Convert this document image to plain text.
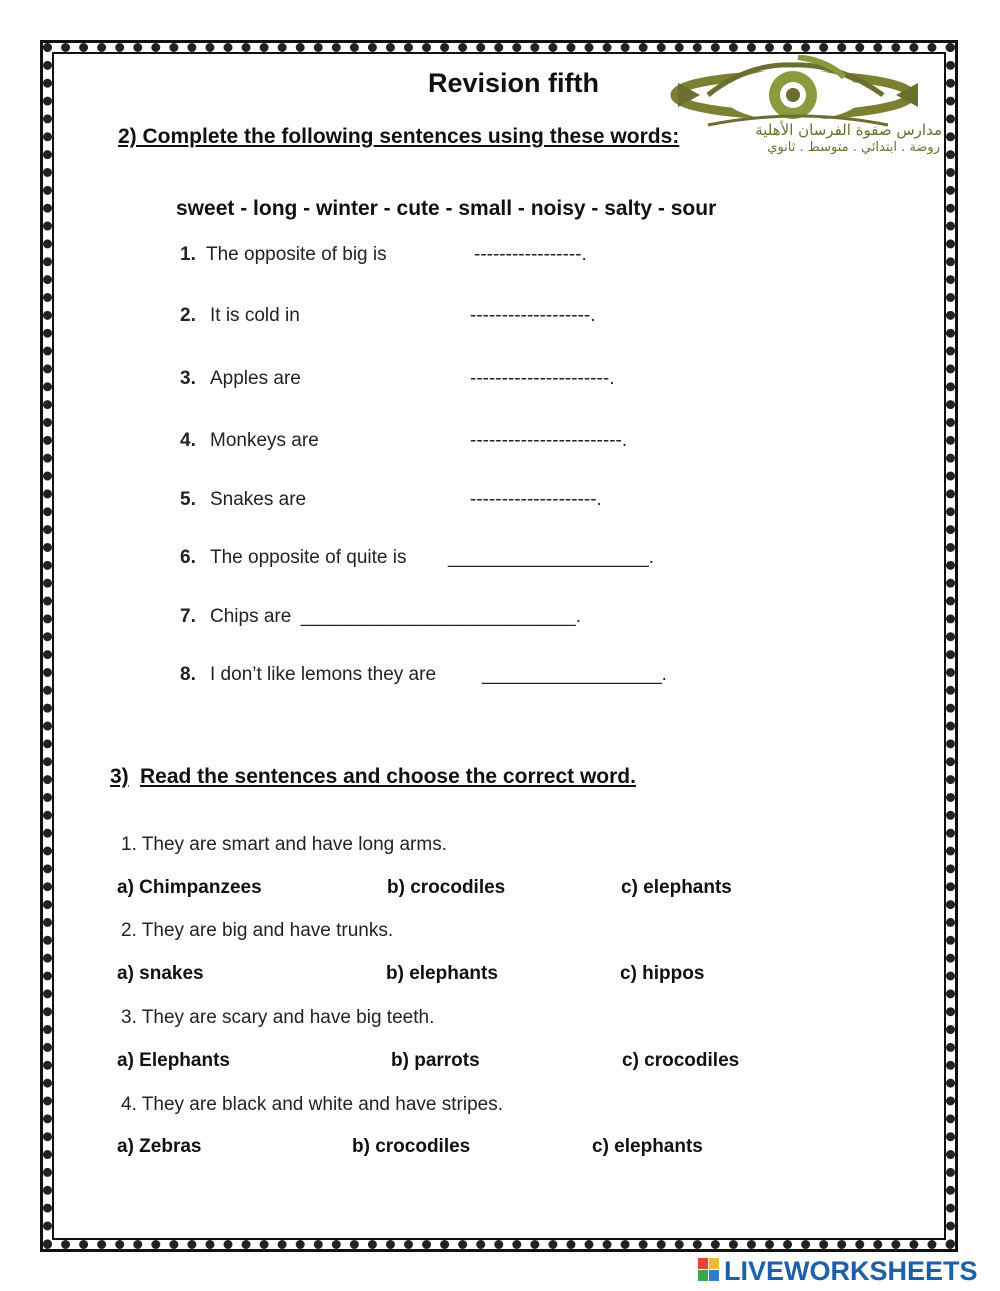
Revision fifth
مدارس صفوة الفرسان الأهلية
روضة . ابتدائي . متوسط . ثانوي
2) Complete the following sentences using these words:
sweet - long - winter - cute - small - noisy - salty - sour
1. The opposite of big is	-----------------.
2. It is cold in	-------------------.
3. Apples are	----------------------.
4. Monkeys are	------------------------.
5. Snakes are	--------------------.
6. The opposite of quite is ___________________.
7. Chips are __________________________.
8. I don’t like lemons they are _________________.
3) Read the sentences and choose the correct word.
1. They are smart and have long arms.
a) Chimpanzees	b) crocodiles	c) elephants
2. They are big and have trunks.
a) snakes	b) elephants	c) hippos
3. They are scary and have big teeth.
a) Elephants	b) parrots	c) crocodiles
4. They are black and white and have stripes.
a) Zebras	b) crocodiles	c) elephants
LIVEWORKSHEETS
